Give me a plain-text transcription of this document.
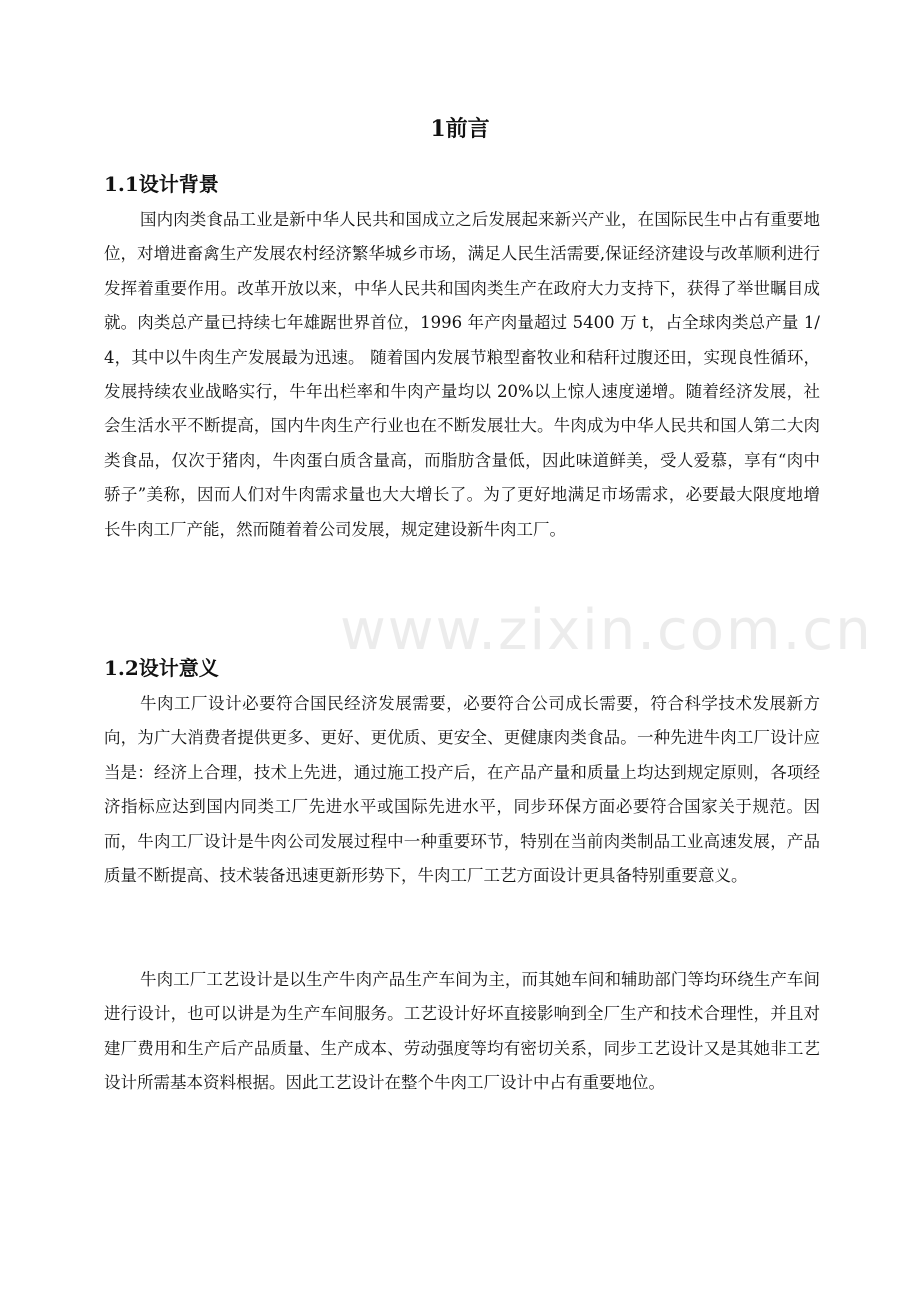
1前言
1.1设计背景

国内肉类食品工业是新中华人民共和国成立之后发展起来新兴产业，在国际民生中占有重要地位，对增进畜禽生产发展农村经济繁华城乡市场，满足人民生活需要,保证经济建设与改革顺利进行发挥着重要作用。改革开放以来，中华人民共和国肉类生产在政府大力支持下，获得了举世瞩目成就。肉类总产量已持续七年雄踞世界首位，1996 年产肉量超过 5400 万 t，占全球肉类总产量 1/4，其中以牛肉生产发展最为迅速。 随着国内发展节粮型畜牧业和秸秆过腹还田，实现良性循环，发展持续农业战略实行，牛年出栏率和牛肉产量均以 20%以上惊人速度递增。随着经济发展，社会生活水平不断提高，国内牛肉生产行业也在不断发展壮大。牛肉成为中华人民共和国人第二大肉类食品，仅次于猪肉，牛肉蛋白质含量高，而脂肪含量低，因此味道鲜美，受人爱慕，享有“肉中骄子”美称，因而人们对牛肉需求量也大大增长了。为了更好地满足市场需求，必要最大限度地增长牛肉工厂产能，然而随着着公司发展，规定建设新牛肉工厂。

1.2设计意义

牛肉工厂设计必要符合国民经济发展需要，必要符合公司成长需要，符合科学技术发展新方向，为广大消费者提供更多、更好、更优质、更安全、更健康肉类食品。一种先进牛肉工厂设计应当是：经济上合理，技术上先进，通过施工投产后，在产品产量和质量上均达到规定原则，各项经济指标应达到国内同类工厂先进水平或国际先进水平，同步环保方面必要符合国家关于规范。因而，牛肉工厂设计是牛肉公司发展过程中一种重要环节，特别在当前肉类制品工业高速发展，产品质量不断提高、技术装备迅速更新形势下，牛肉工厂工艺方面设计更具备特别重要意义。

牛肉工厂工艺设计是以生产牛肉产品生产车间为主，而其她车间和辅助部门等均环绕生产车间进行设计，也可以讲是为生产车间服务。工艺设计好坏直接影响到全厂生产和技术合理性，并且对建厂费用和生产后产品质量、生产成本、劳动强度等均有密切关系，同步工艺设计又是其她非工艺设计所需基本资料根据。因此工艺设计在整个牛肉工厂设计中占有重要地位。

www.zixin.com.cn
